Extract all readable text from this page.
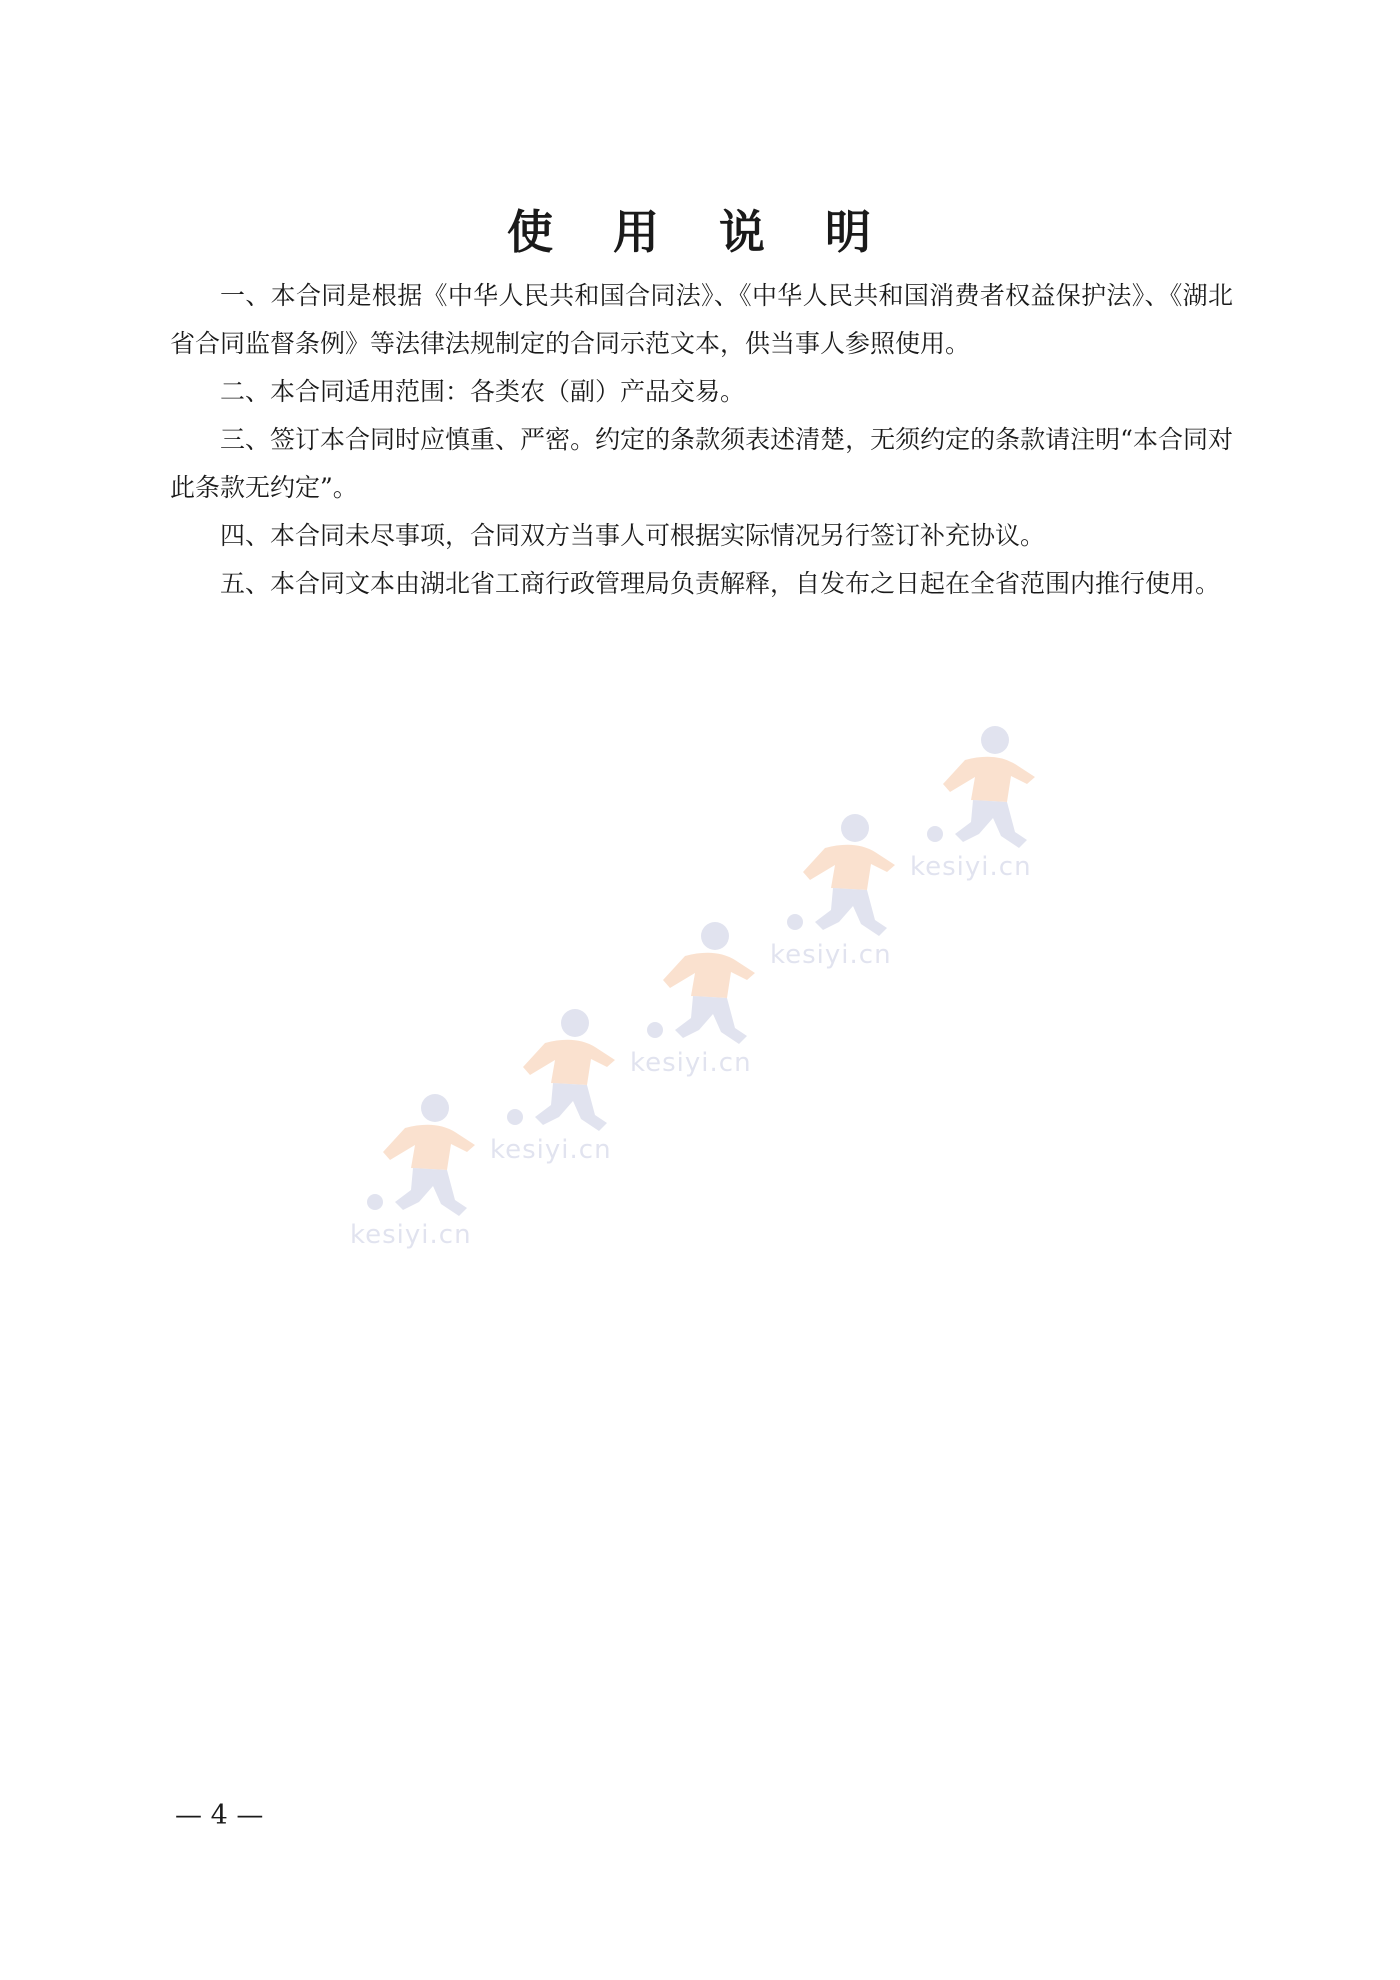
使 用 说 明

一、本合同是根据《中华人民共和国合同法》、《中华人民共和国消费者权益保护法》、《湖北省合同监督条例》等法律法规制定的合同示范文本，供当事人参照使用。

二、本合同适用范围：各类农（副）产品交易。

三、签订本合同时应慎重、严密。约定的条款须表述清楚，无须约定的条款请注明“本合同对此条款无约定”。

四、本合同未尽事项，合同双方当事人可根据实际情况另行签订补充协议。

五、本合同文本由湖北省工商行政管理局负责解释，自发布之日起在全省范围内推行使用。

kesiyi.cn
kesiyi.cn
kesiyi.cn
kesiyi.cn
kesiyi.cn
— 4 —
